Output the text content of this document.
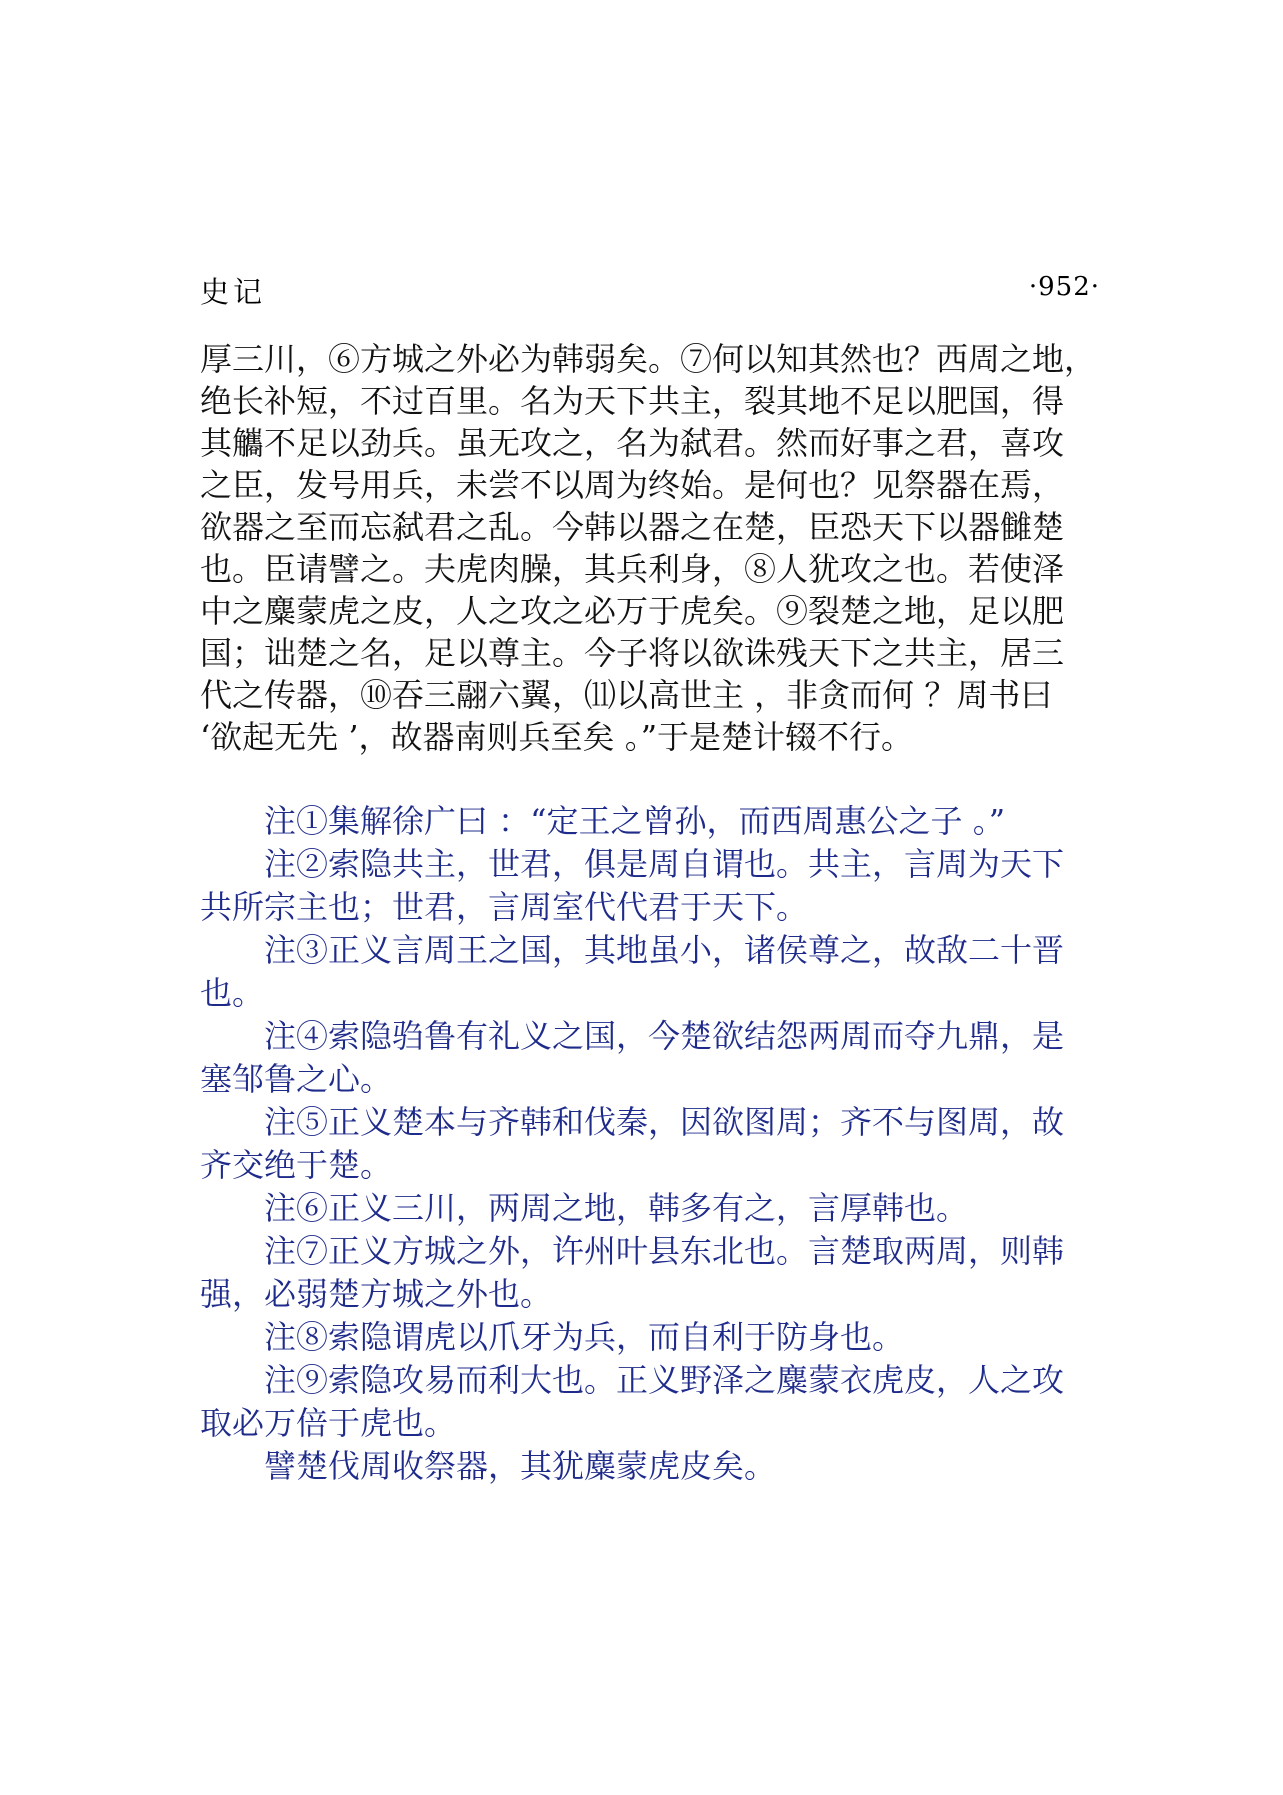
史记	·952·
厚三川，⑥方城之外必为韩弱矣。⑦何以知其然也？西周之地，
绝长补短，不过百里。名为天下共主，裂其地不足以肥国，得
其觿不足以劲兵。虽无攻之，名为弑君。然而好事之君，喜攻
之臣，发号用兵，未尝不以周为终始。是何也？见祭器在焉，
欲器之至而忘弑君之乱。今韩以器之在楚，臣恐天下以器雠楚
也。臣请譬之。夫虎肉臊，其兵利身，⑧人犹攻之也。若使泽
中之麋蒙虎之皮，人之攻之必万于虎矣。⑨裂楚之地，足以肥
国；诎楚之名，足以尊主。今子将以欲诛残天下之共主，居三
代之传器，⑩吞三翮六翼，⑾以高世主 ，非贪而何 ？周书曰
‘欲起无先 ’，故器南则兵至矣 。”于是楚计辍不行。

注①集解徐广曰 ：“定王之曾孙，而西周惠公之子 。”

注②索隐共主，世君，俱是周自谓也。共主，言周为天下
共所宗主也；世君，言周室代代君于天下。

注③正义言周王之国，其地虽小，诸侯尊之，故敌二十晋
也。

注④索隐驺鲁有礼义之国，今楚欲结怨两周而夺九鼎，是
塞邹鲁之心。

注⑤正义楚本与齐韩和伐秦，因欲图周；齐不与图周，故
齐交绝于楚。

注⑥正义三川，两周之地，韩多有之，言厚韩也。

注⑦正义方城之外，许州叶县东北也。言楚取两周，则韩
强，必弱楚方城之外也。

注⑧索隐谓虎以爪牙为兵，而自利于防身也。

注⑨索隐攻易而利大也。正义野泽之麋蒙衣虎皮，人之攻
取必万倍于虎也。

譬楚伐周收祭器，其犹麋蒙虎皮矣。
